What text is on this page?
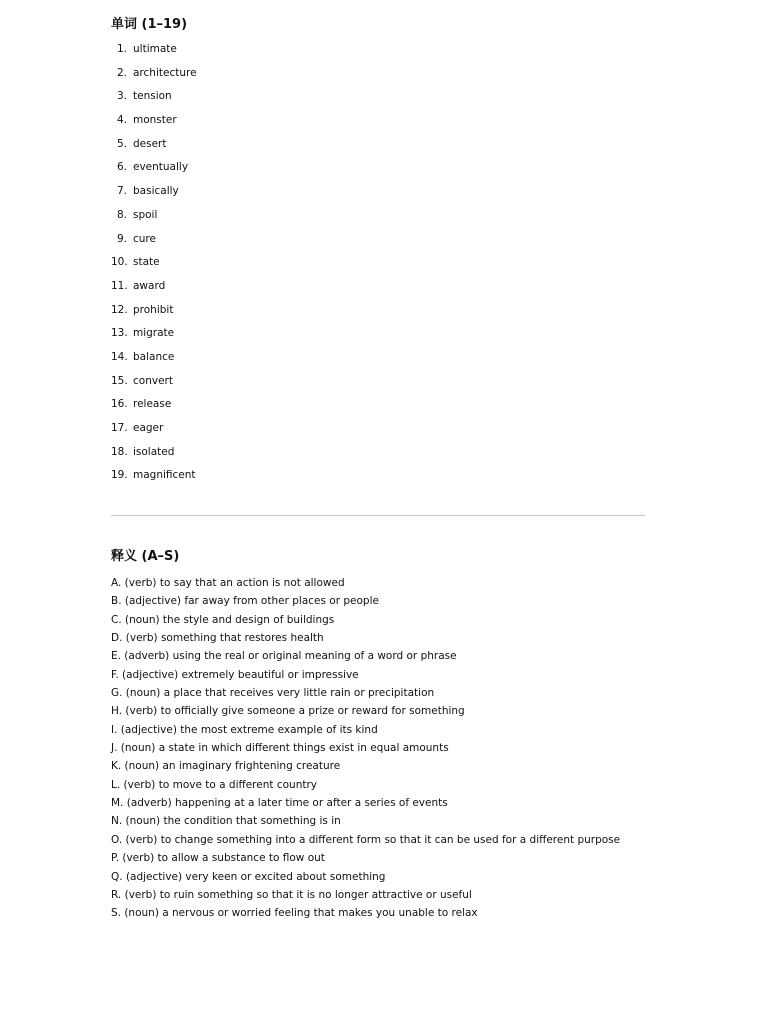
单词 (1–19)
1. ultimate
2. architecture
3. tension
4. monster
5. desert
6. eventually
7. basically
8. spoil
9. cure
10. state
11. award
12. prohibit
13. migrate
14. balance
15. convert
16. release
17. eager
18. isolated
19. magnificent
释义 (A–S)
A. (verb) to say that an action is not allowed
B. (adjective) far away from other places or people
C. (noun) the style and design of buildings
D. (verb) something that restores health
E. (adverb) using the real or original meaning of a word or phrase
F. (adjective) extremely beautiful or impressive
G. (noun) a place that receives very little rain or precipitation
H. (verb) to officially give someone a prize or reward for something
I. (adjective) the most extreme example of its kind
J. (noun) a state in which different things exist in equal amounts
K. (noun) an imaginary frightening creature
L. (verb) to move to a different country
M. (adverb) happening at a later time or after a series of events
N. (noun) the condition that something is in
O. (verb) to change something into a different form so that it can be used for a different purpose
P. (verb) to allow a substance to flow out
Q. (adjective) very keen or excited about something
R. (verb) to ruin something so that it is no longer attractive or useful
S. (noun) a nervous or worried feeling that makes you unable to relax
